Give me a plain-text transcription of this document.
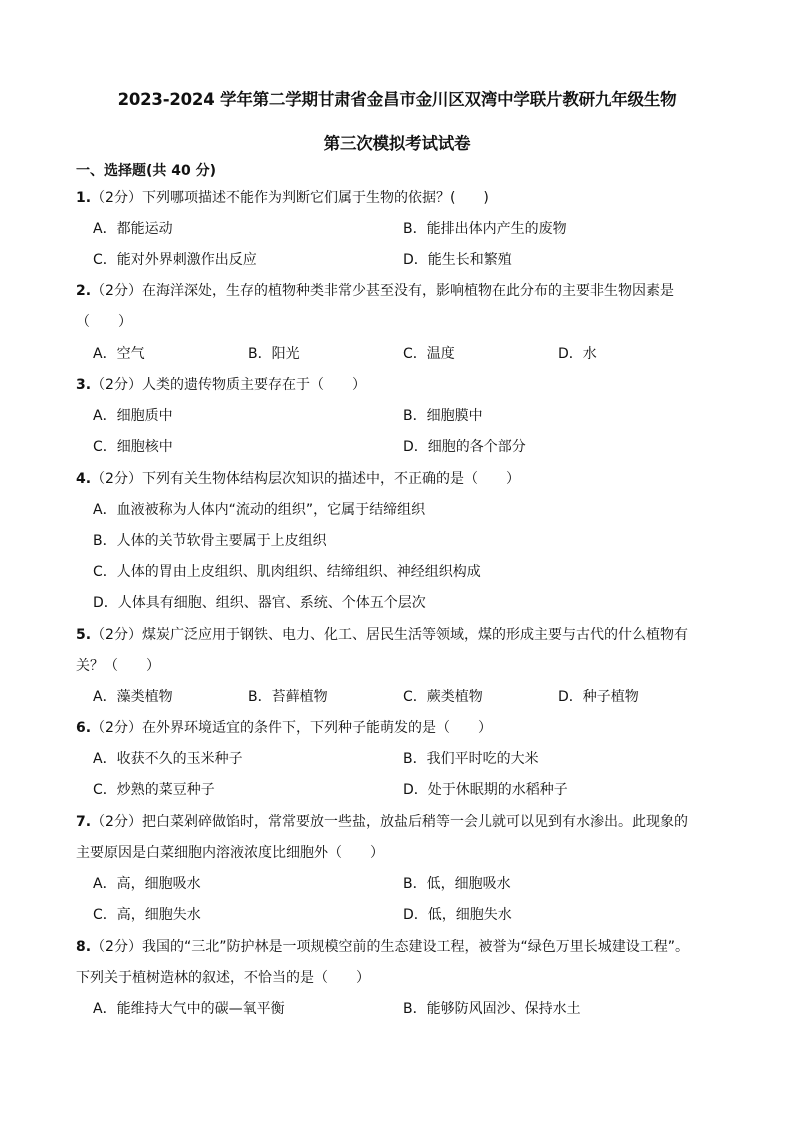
2023-2024 学年第二学期甘肃省金昌市金川区双湾中学联片教研九年级生物
第三次模拟考试试卷
一、选择题(共 40 分)
1.（2分）下列哪项描述不能作为判断它们属于生物的依据？(　　)
A．都能运动	B．能排出体内产生的废物
C．能对外界刺激作出反应	D．能生长和繁殖
2.（2分）在海洋深处，生存的植物种类非常少甚至没有，影响植物在此分布的主要非生物因素是
（　　）
A．空气	B．阳光	C．温度	D．水
3.（2分）人类的遗传物质主要存在于（　　）
A．细胞质中	B．细胞膜中
C．细胞核中	D．细胞的各个部分
4.（2分）下列有关生物体结构层次知识的描述中，不正确的是（　　）
A．血液被称为人体内“流动的组织”，它属于结缔组织
B．人体的关节软骨主要属于上皮组织
C．人体的胃由上皮组织、肌肉组织、结缔组织、神经组织构成
D．人体具有细胞、组织、器官、系统、个体五个层次
5.（2分）煤炭广泛应用于钢铁、电力、化工、居民生活等领域，煤的形成主要与古代的什么植物有
关？（　　）
A．藻类植物	B．苔藓植物	C．蕨类植物	D．种子植物
6.（2分）在外界环境适宜的条件下，下列种子能萌发的是（　　）
A．收获不久的玉米种子	B．我们平时吃的大米
C．炒熟的菜豆种子	D．处于休眠期的水稻种子
7.（2分）把白菜剁碎做馅时，常常要放一些盐，放盐后稍等一会儿就可以见到有水渗出。此现象的
主要原因是白菜细胞内溶液浓度比细胞外（　　）
A．高，细胞吸水	B．低，细胞吸水
C．高，细胞失水	D．低，细胞失水
8.（2分）我国的“三北”防护林是一项规模空前的生态建设工程，被誉为“绿色万里长城建设工程”。
下列关于植树造林的叙述，不恰当的是（　　）
A．能维持大气中的碳—氧平衡	B．能够防风固沙、保持水土
